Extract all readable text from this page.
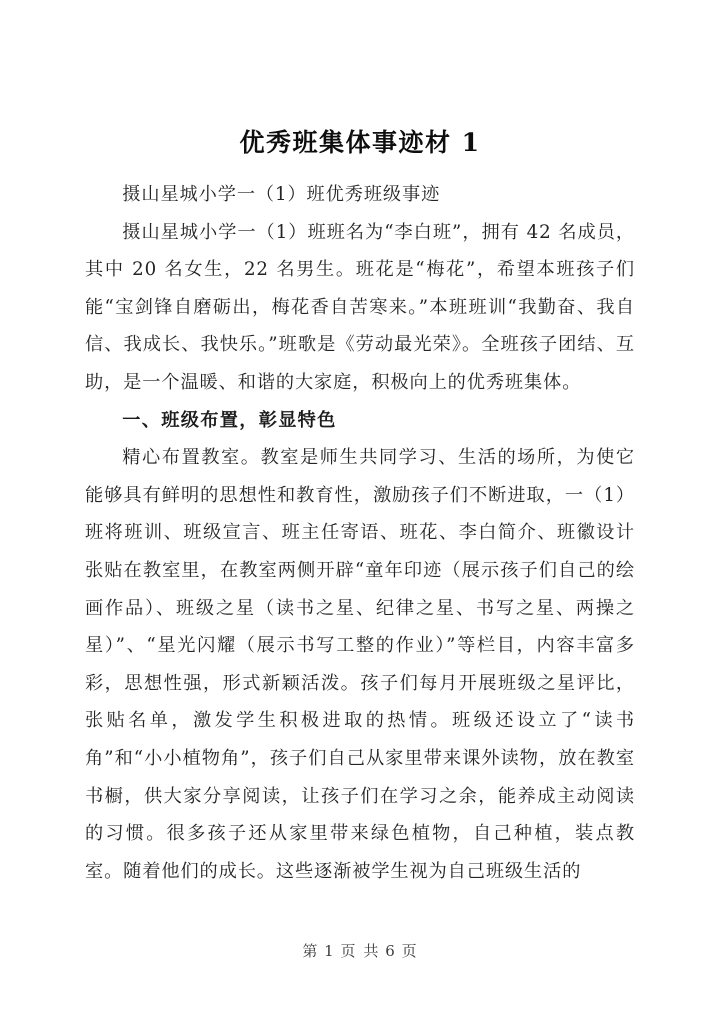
优秀班集体事迹材 1

摄山星城小学一（1）班优秀班级事迹

摄山星城小学一（1）班班名为“李白班”，拥有 42 名成员，其中 20 名女生，22 名男生。班花是“梅花”，希望本班孩子们能“宝剑锋自磨砺出，梅花香自苦寒来。”本班班训“我勤奋、我自信、我成长、我快乐。”班歌是《劳动最光荣》。全班孩子团结、互助，是一个温暖、和谐的大家庭，积极向上的优秀班集体。

一、班级布置，彰显特色

精心布置教室。教室是师生共同学习、生活的场所，为使它能够具有鲜明的思想性和教育性，激励孩子们不断进取，一（1）班将班训、班级宣言、班主任寄语、班花、李白简介、班徽设计张贴在教室里，在教室两侧开辟“童年印迹（展示孩子们自己的绘画作品）、班级之星（读书之星、纪律之星、书写之星、两操之星）”、“星光闪耀（展示书写工整的作业）”等栏目，内容丰富多彩，思想性强，形式新颖活泼。孩子们每月开展班级之星评比，张贴名单，激发学生积极进取的热情。班级还设立了“读书角”和“小小植物角”，孩子们自己从家里带来课外读物，放在教室书橱，供大家分享阅读，让孩子们在学习之余，能养成主动阅读的习惯。很多孩子还从家里带来绿色植物，自己种植，装点教室。随着他们的成长。这些逐渐被学生视为自己班级生活的

第 1 页 共 6 页
